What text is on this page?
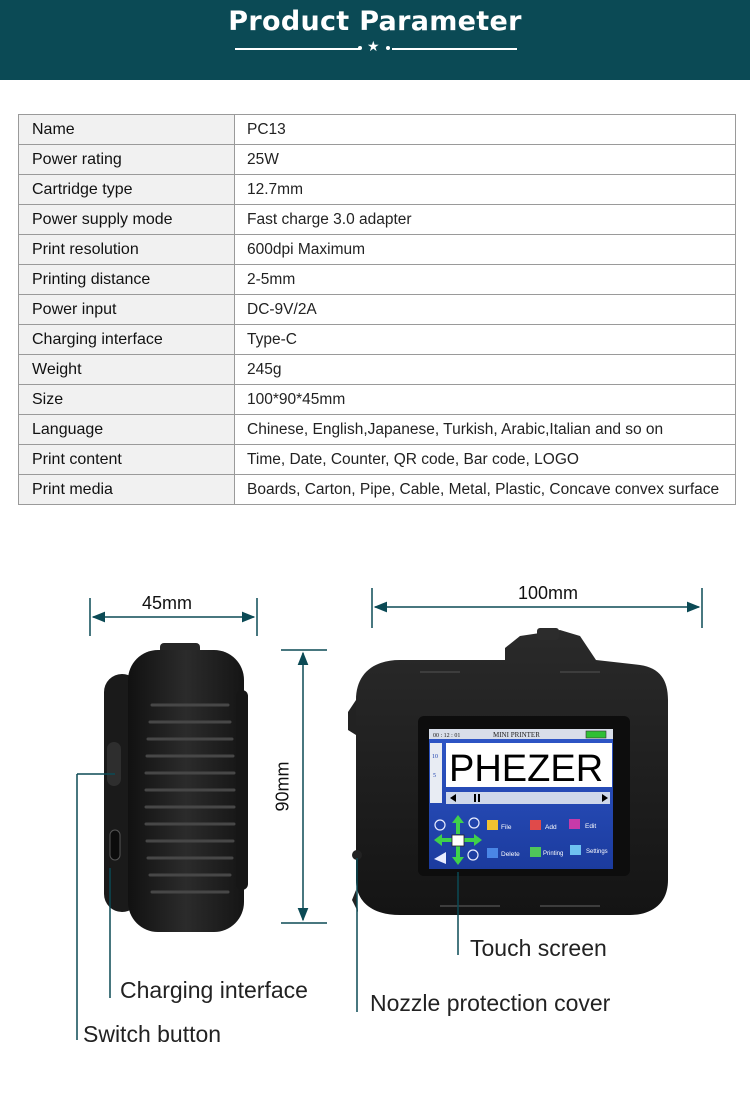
Product Parameter
★
Name	PC13
Power rating	25W
Cartridge type	12.7mm
Power supply mode	Fast charge 3.0 adapter
Print resolution	600dpi Maximum
Printing distance	2-5mm
Power input	DC-9V/2A
Charging interface	Type-C
Weight	245g
Size	100*90*45mm
Language	Chinese, English,Japanese, Turkish, Arabic,Italian and so on
Print content	Time, Date, Counter, QR code, Bar code, LOGO
Print media	Boards, Carton, Pipe, Cable, Metal, Plastic, Concave convex surface
00 : 12 : 01	MINI PRINTER
10
5 PHEZER
File	Add	Edit
Delete	Printing	Settings
45mm	100mm
90mm
Touch screen
Charging interface	Nozzle protection cover
Switch button
